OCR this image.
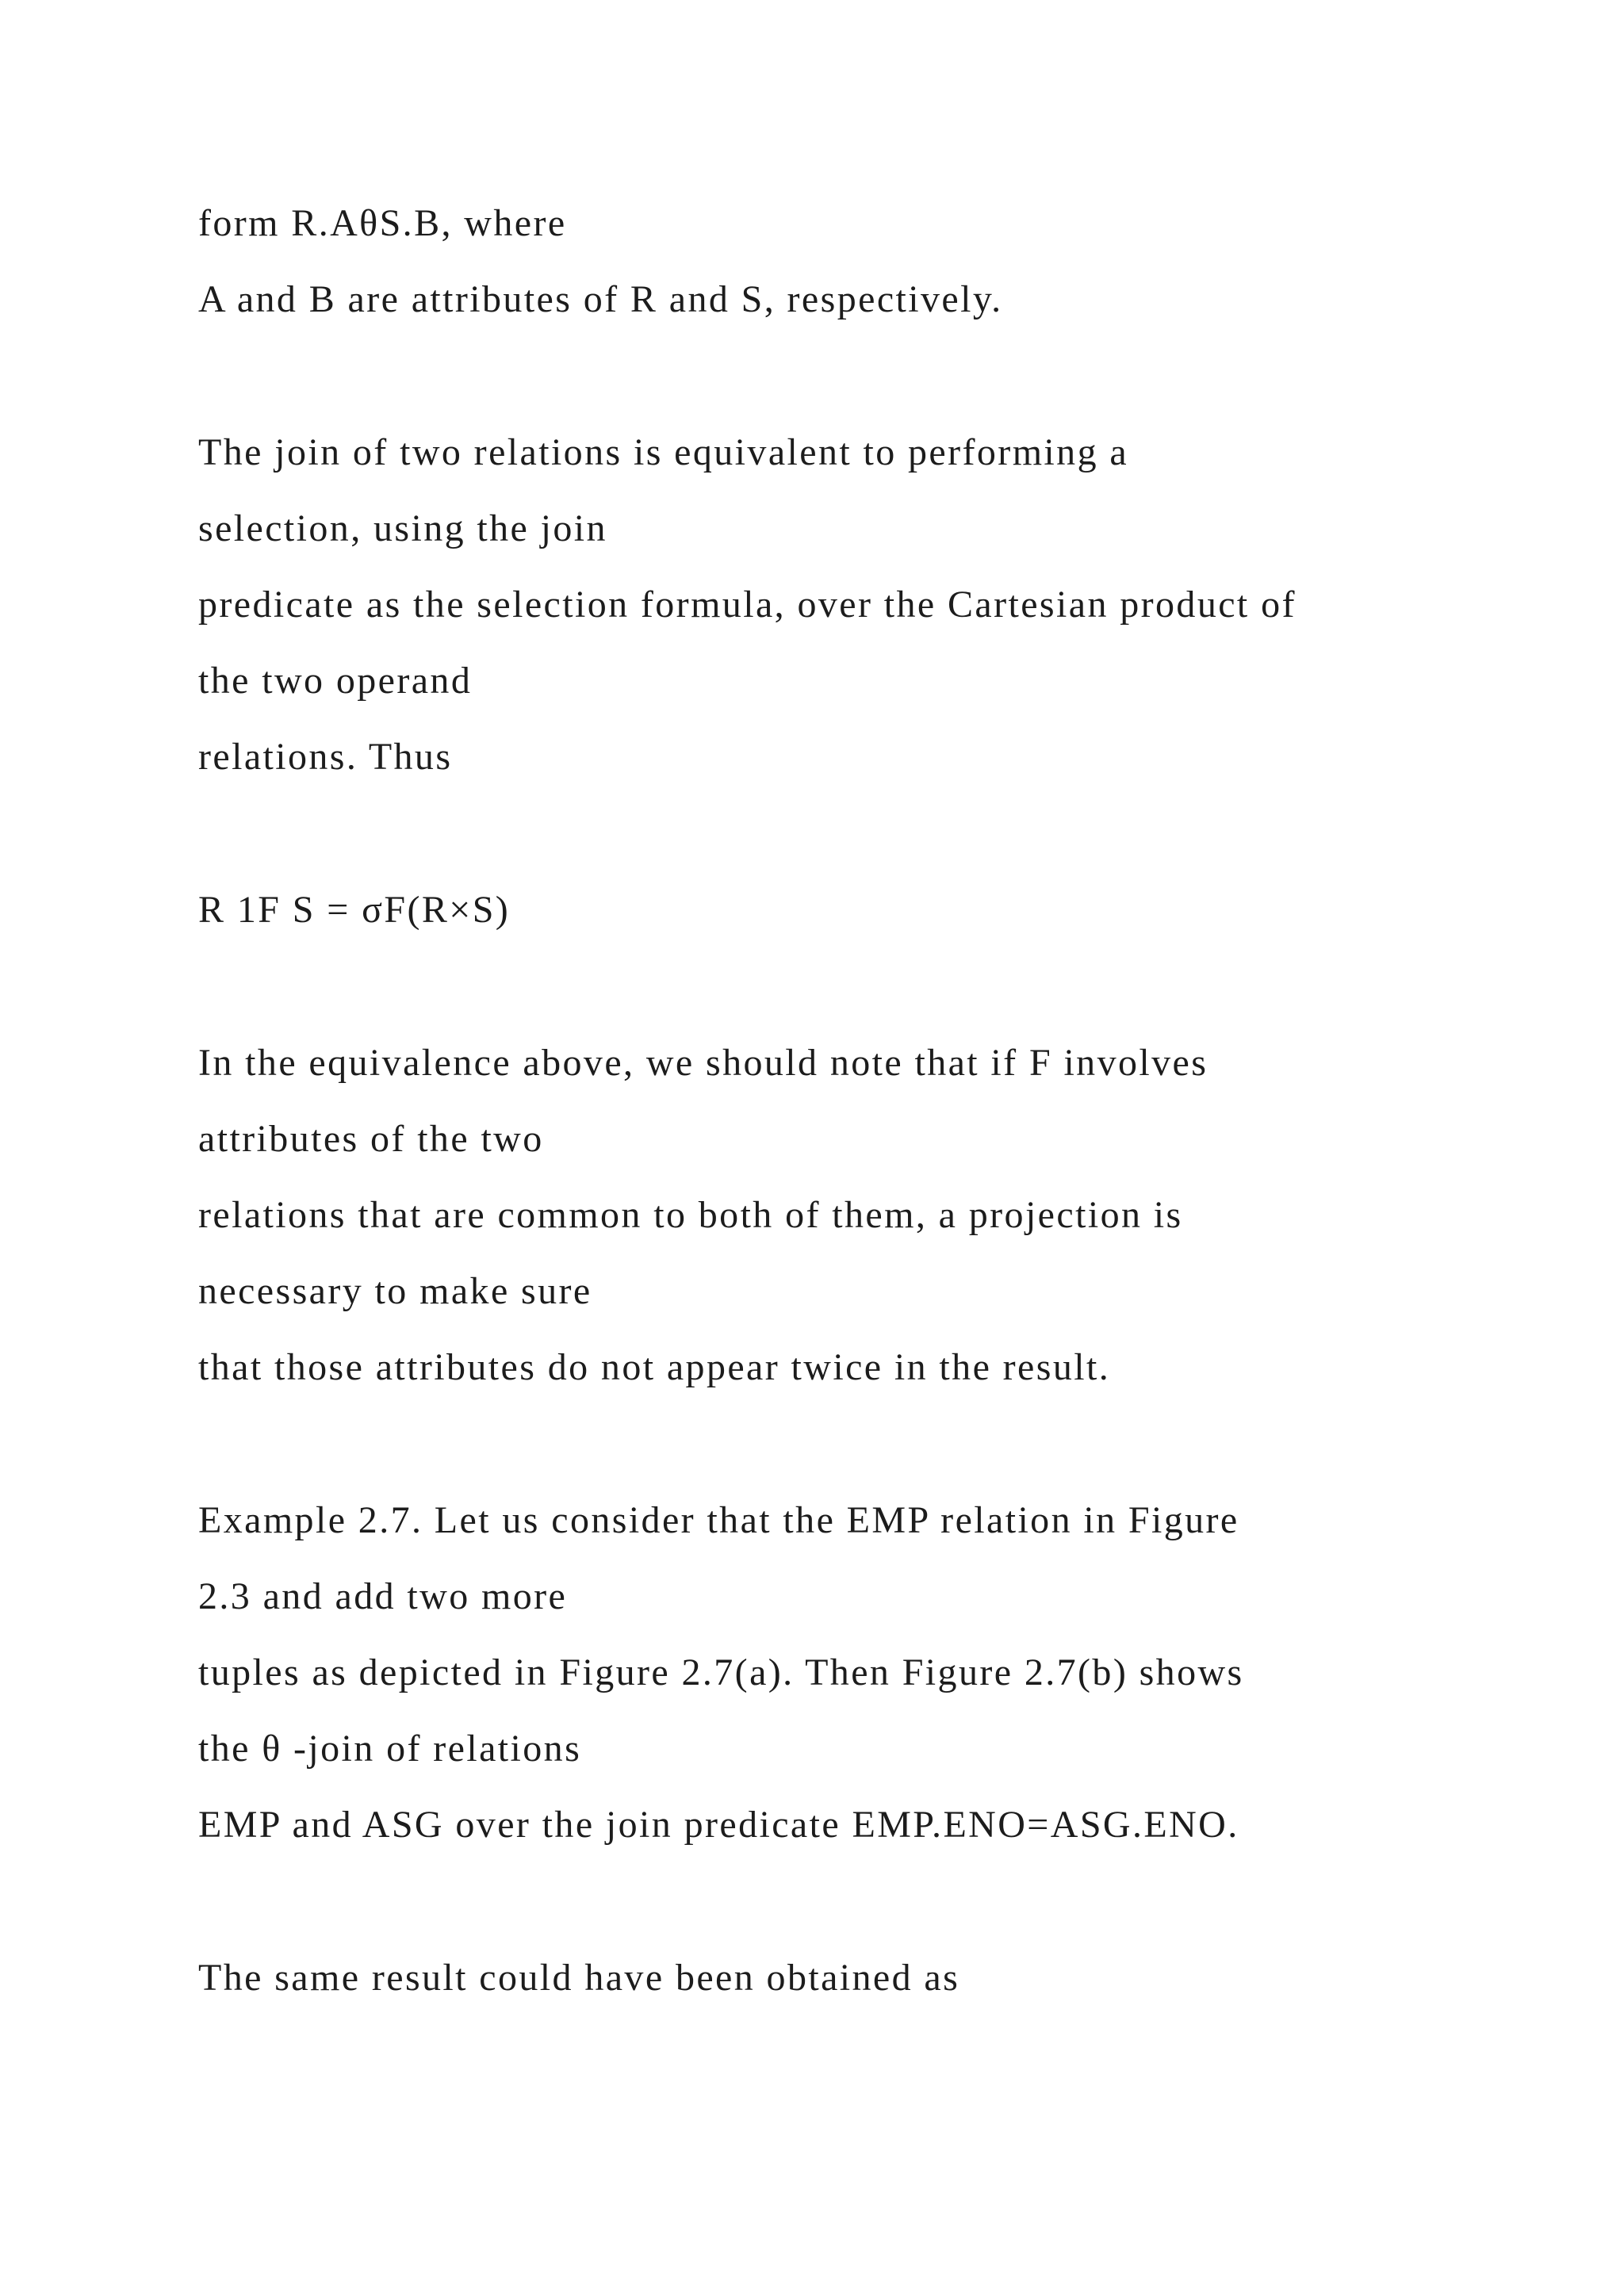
form R.AθS.B, where

A and B are attributes of R and S, respectively.

The join of two relations is equivalent to performing a

selection, using the join

predicate as the selection formula, over the Cartesian product of

the two operand

relations. Thus

R 1F S = σF(R×S)

In the equivalence above, we should note that if F involves

attributes of the two

relations that are common to both of them, a projection is

necessary to make sure

that those attributes do not appear twice in the result.

Example 2.7. Let us consider that the EMP relation in Figure

2.3 and add two more

tuples as depicted in Figure 2.7(a). Then Figure 2.7(b) shows

the θ -join of relations

EMP and ASG over the join predicate EMP.ENO=ASG.ENO.

The same result could have been obtained as
